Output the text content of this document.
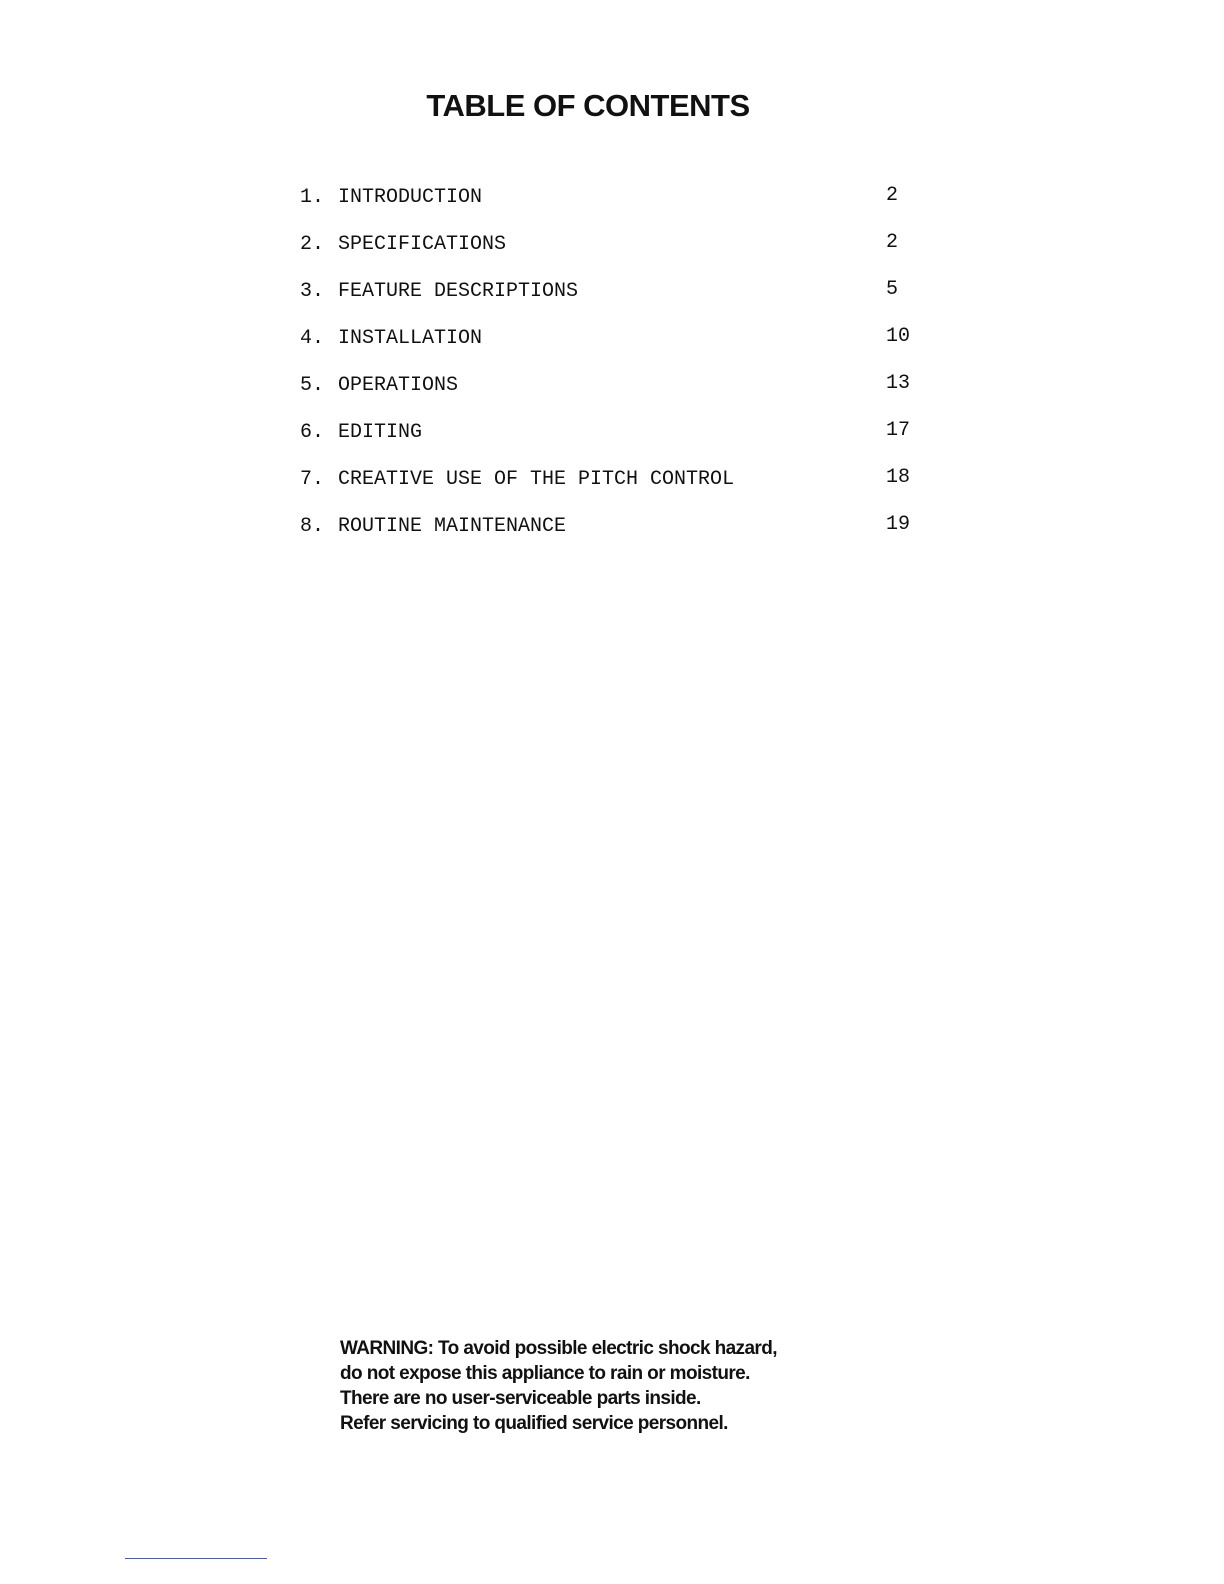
TABLE OF CONTENTS
1. INTRODUCTION	2
2. SPECIFICATIONS	2
3. FEATURE DESCRIPTIONS	5
4. INSTALLATION	10
5. OPERATIONS	13
6. EDITING	17
7. CREATIVE USE OF THE PITCH CONTROL	18
8. ROUTINE MAINTENANCE	19
WARNING: To avoid possible electric shock hazard,
do not expose this appliance to rain or moisture.
There are no user-serviceable parts inside.
Refer servicing to qualified service personnel.
